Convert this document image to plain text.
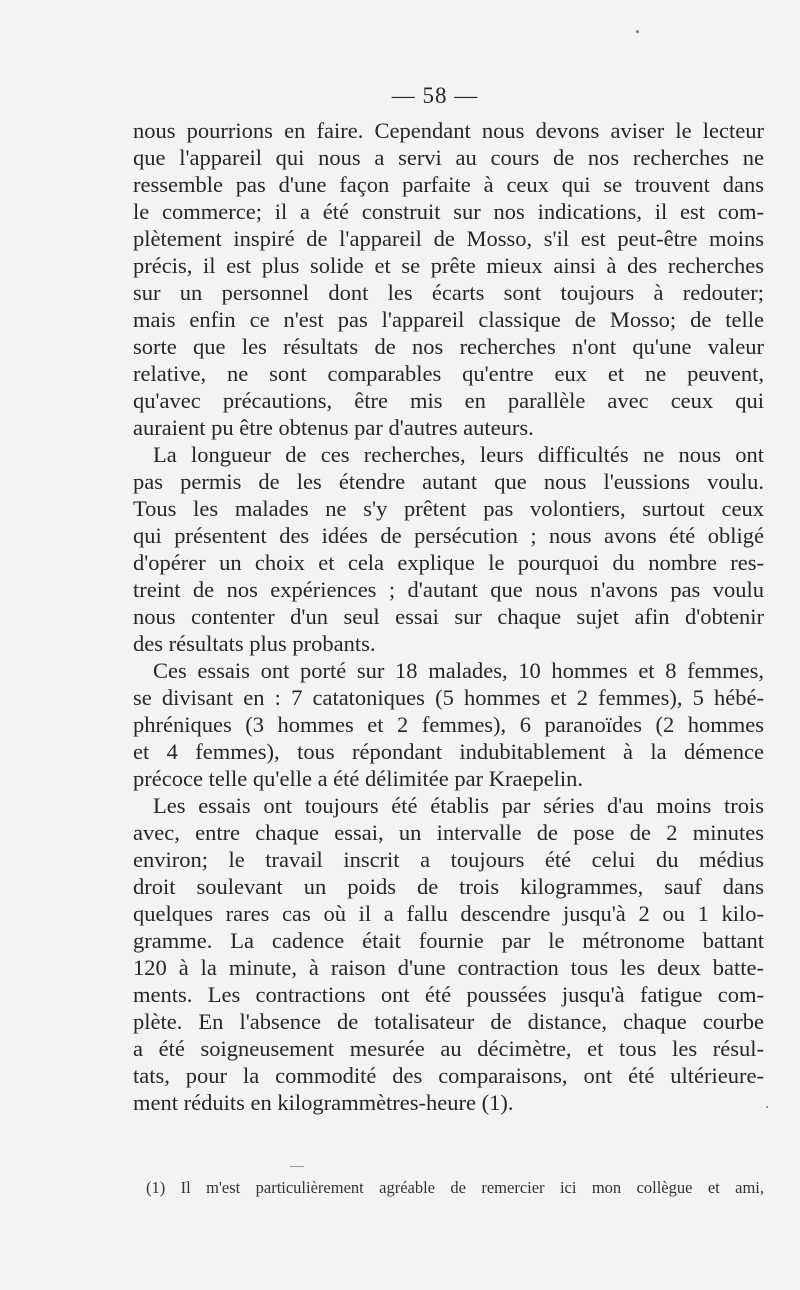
— 58 —
nous pourrions en faire. Cependant nous devons aviser le lecteur
que l'appareil qui nous a servi au cours de nos recherches ne
ressemble pas d'une façon parfaite à ceux qui se trouvent dans
le commerce; il a été construit sur nos indications, il est com-
plètement inspiré de l'appareil de Mosso, s'il est peut-être moins
précis, il est plus solide et se prête mieux ainsi à des recherches
sur un personnel dont les écarts sont toujours à redouter;
mais enfin ce n'est pas l'appareil classique de Mosso; de telle
sorte que les résultats de nos recherches n'ont qu'une valeur
relative, ne sont comparables qu'entre eux et ne peuvent,
qu'avec précautions, être mis en parallèle avec ceux qui
auraient pu être obtenus par d'autres auteurs.
La longueur de ces recherches, leurs difficultés ne nous ont
pas permis de les étendre autant que nous l'eussions voulu.
Tous les malades ne s'y prêtent pas volontiers, surtout ceux
qui présentent des idées de persécution ; nous avons été obligé
d'opérer un choix et cela explique le pourquoi du nombre res-
treint de nos expériences ; d'autant que nous n'avons pas voulu
nous contenter d'un seul essai sur chaque sujet afin d'obtenir
des résultats plus probants.
Ces essais ont porté sur 18 malades, 10 hommes et 8 femmes,
se divisant en : 7 catatoniques (5 hommes et 2 femmes), 5 hébé-
phréniques (3 hommes et 2 femmes), 6 paranoïdes (2 hommes
et 4 femmes), tous répondant indubitablement à la démence
précoce telle qu'elle a été délimitée par Kraepelin.
Les essais ont toujours été établis par séries d'au moins trois
avec, entre chaque essai, un intervalle de pose de 2 minutes
environ; le travail inscrit a toujours été celui du médius
droit soulevant un poids de trois kilogrammes, sauf dans
quelques rares cas où il a fallu descendre jusqu'à 2 ou 1 kilo-
gramme. La cadence était fournie par le métronome battant
120 à la minute, à raison d'une contraction tous les deux batte-
ments. Les contractions ont été poussées jusqu'à fatigue com-
plète. En l'absence de totalisateur de distance, chaque courbe
a été soigneusement mesurée au décimètre, et tous les résul-
tats, pour la commodité des comparaisons, ont été ultérieure-
ment réduits en kilogrammètres-heure (1).
(1) Il m'est particulièrement agréable de remercier ici mon collègue et ami,
